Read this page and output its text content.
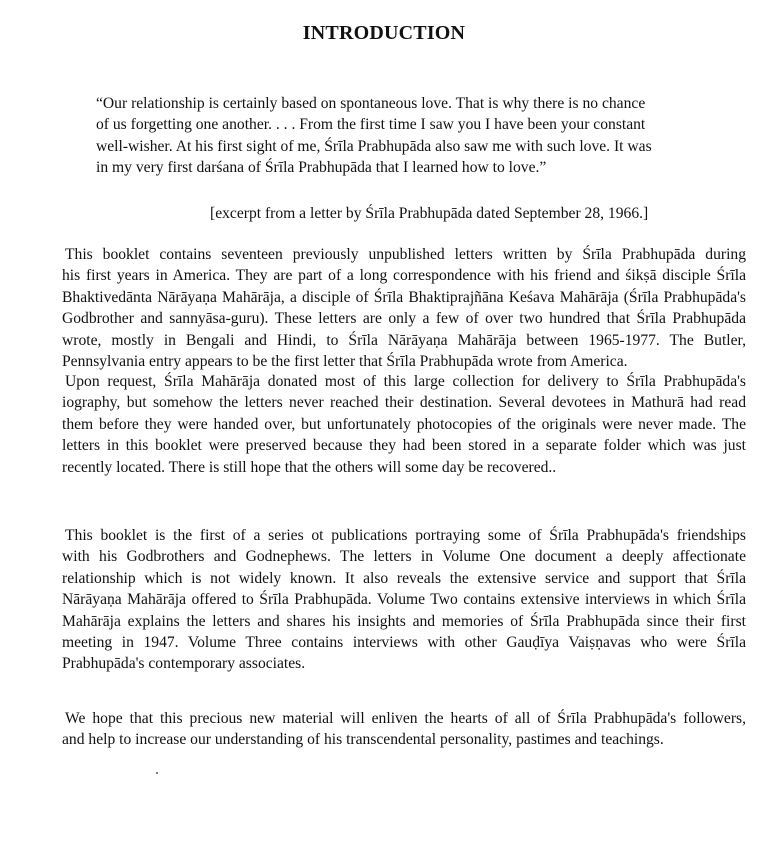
INTRODUCTION
“Our relationship is certainly based on spontaneous love. That is why there is no chance
of us forgetting one another. . . . From the first time I saw you I have been your constant
well-wisher. At his first sight of me, Śrīla Prabhupāda also saw me with such love. It was
in my very first darśana of Śrīla Prabhupāda that I learned how to love.”
[excerpt from a letter by Śrīla Prabhupāda dated September 28, 1966.]
This booklet contains seventeen previously unpublished letters written by Śrīla Prabhupāda during
his first years in America. They are part of a long correspondence with his friend and śikṣā disciple Śrīla
Bhaktivedānta Nārāyaṇa Mahārāja, a disciple of Śrīla Bhaktiprajñāna Keśava Mahārāja (Śrīla Prabhupāda's
Godbrother and sannyāsa-guru). These letters are only a few of over two hundred that Śrīla Prabhupāda
wrote, mostly in Bengali and Hindi, to Śrīla Nārāyaṇa Mahārāja between 1965-1977. The Butler,
Pennsylvania entry appears to be the first letter that Śrīla Prabhupāda wrote from America.
Upon request, Śrīla Mahārāja donated most of this large collection for delivery to Śrīla Prabhupāda's
iography, but somehow the letters never reached their destination. Several devotees in Mathurā had read
them before they were handed over, but unfortunately photocopies of the originals were never made. The
letters in this booklet were preserved because they had been stored in a separate folder which was just
recently located. There is still hope that the others will some day be recovered..
This booklet is the first of a series ot publications portraying some of Śrīla Prabhupāda's friendships
with his Godbrothers and Godnephews. The letters in Volume One document a deeply affectionate
relationship which is not widely known. It also reveals the extensive service and support that Śrīla
Nārāyaṇa Mahārāja offered to Śrīla Prabhupāda. Volume Two contains extensive interviews in which Śrīla
Mahārāja explains the letters and shares his insights and memories of Śrīla Prabhupāda since their first
meeting in 1947. Volume Three contains interviews with other Gauḍīya Vaiṣṇavas who were Śrīla
Prabhupāda's contemporary associates.
We hope that this precious new material will enliven the hearts of all of Śrīla Prabhupāda's followers,
and help to increase our understanding of his transcendental personality, pastimes and teachings.
